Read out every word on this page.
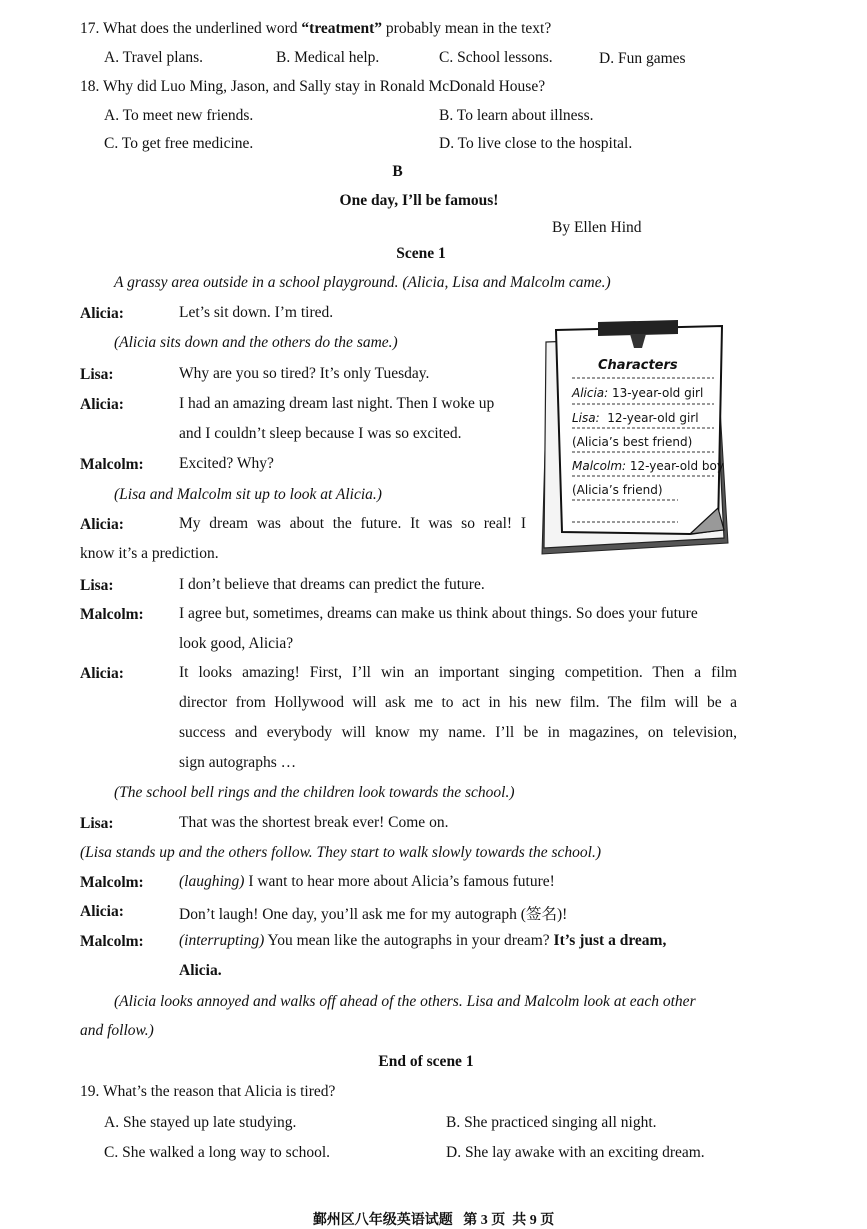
17. What does the underlined word “treatment” probably mean in the text?
A. Travel plans.	B. Medical help.	C. School lessons.	D. Fun games
18. Why did Luo Ming, Jason, and Sally stay in Ronald McDonald House?
A. To meet new friends.	B. To learn about illness.
C. To get free medicine.	D. To live close to the hospital.
B
One day, I’ll be famous!
By Ellen Hind
Scene 1
A grassy area outside in a school playground. (Alicia, Lisa and Malcolm came.)
Alicia:	Let’s sit down. I’m tired.
(Alicia sits down and the others do the same.)
Lisa:	Why are you so tired? It’s only Tuesday.
Alicia:	I had an amazing dream last night. Then I woke up
and I couldn’t sleep because I was so excited.
Malcolm: Excited? Why?
(Lisa and Malcolm sit up to look at Alicia.)
Alicia:	My dream was about the future. It was so real! I
know it’s a prediction.
Lisa:	I don’t believe that dreams can predict the future.
Malcolm: I agree but, sometimes, dreams can make us think about things. So does your future
look good, Alicia?
Alicia:	It looks amazing! First, I’ll win an important singing competition. Then a film
director from Hollywood will ask me to act in his new film. The film will be a
success and everybody will know my name. I’ll be in magazines, on television,
sign autographs …
(The school bell rings and the children look towards the school.)
Lisa:	That was the shortest break ever! Come on.
(Lisa stands up and the others follow. They start to walk slowly towards the school.)
Malcolm: (laughing) I want to hear more about Alicia’s famous future!
Alicia:	Don’t laugh! One day, you’ll ask me for my autograph (签名)!
Malcolm: (interrupting) You mean like the autographs in your dream? It’s just a dream,
Alicia.
(Alicia looks annoyed and walks off ahead of the others. Lisa and Malcolm look at each other
and follow.)
End of scene 1
19. What’s the reason that Alicia is tired?
A. She stayed up late studying.	B. She practiced singing all night.
C. She walked a long way to school.	D. She lay awake with an exciting dream.
Characters
Alicia: 13-year-old girl
Lisa:  12-year-old girl
(Alicia’s best friend)
Malcolm: 12-year-old boy
(Alicia’s friend)
鄞州区八年级英语试题   第 3 页  共 9 页
